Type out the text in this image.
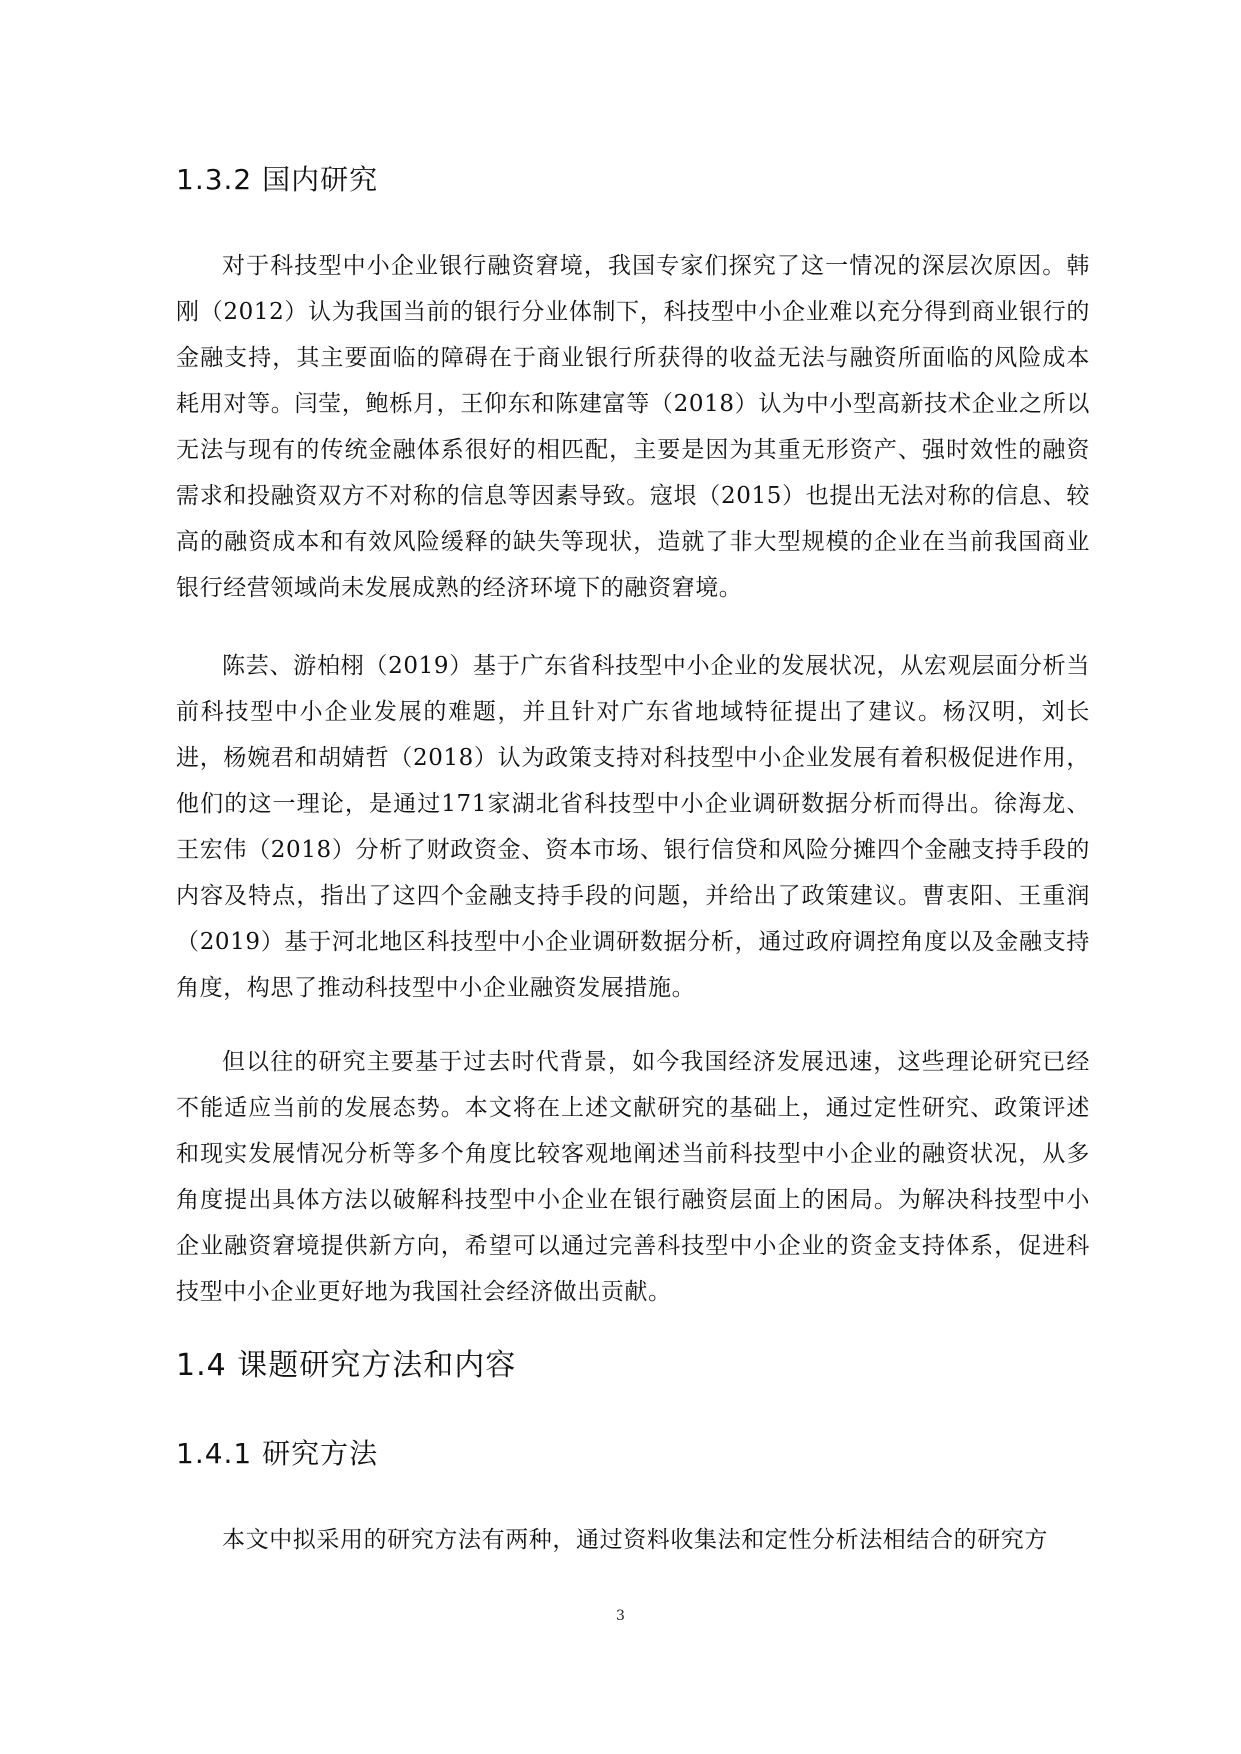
1.3.2 国内研究

对于科技型中小企业银行融资窘境，我国专家们探究了这一情况的深层次原因。韩刚（2012）认为我国当前的银行分业体制下，科技型中小企业难以充分得到商业银行的金融支持，其主要面临的障碍在于商业银行所获得的收益无法与融资所面临的风险成本耗用对等。闫莹，鲍栎月，王仰东和陈建富等（2018）认为中小型高新技术企业之所以无法与现有的传统金融体系很好的相匹配，主要是因为其重无形资产、强时效性的融资需求和投融资双方不对称的信息等因素导致。寇垠（2015）也提出无法对称的信息、较高的融资成本和有效风险缓释的缺失等现状，造就了非大型规模的企业在当前我国商业银行经营领域尚未发展成熟的经济环境下的融资窘境。

陈芸、游柏栩（2019）基于广东省科技型中小企业的发展状况，从宏观层面分析当前科技型中小企业发展的难题，并且针对广东省地域特征提出了建议。杨汉明，刘长进，杨婉君和胡婧哲（2018）认为政策支持对科技型中小企业发展有着积极促进作用，他们的这一理论，是通过171家湖北省科技型中小企业调研数据分析而得出。徐海龙、王宏伟（2018）分析了财政资金、资本市场、银行信贷和风险分摊四个金融支持手段的内容及特点，指出了这四个金融支持手段的问题，并给出了政策建议。曹衷阳、王重润（2019）基于河北地区科技型中小企业调研数据分析，通过政府调控角度以及金融支持角度，构思了推动科技型中小企业融资发展措施。

但以往的研究主要基于过去时代背景，如今我国经济发展迅速，这些理论研究已经不能适应当前的发展态势。本文将在上述文献研究的基础上，通过定性研究、政策评述和现实发展情况分析等多个角度比较客观地阐述当前科技型中小企业的融资状况，从多角度提出具体方法以破解科技型中小企业在银行融资层面上的困局。为解决科技型中小企业融资窘境提供新方向，希望可以通过完善科技型中小企业的资金支持体系，促进科技型中小企业更好地为我国社会经济做出贡献。

1.4 课题研究方法和内容
1.4.1 研究方法

本文中拟采用的研究方法有两种，通过资料收集法和定性分析法相结合的研究方

3
